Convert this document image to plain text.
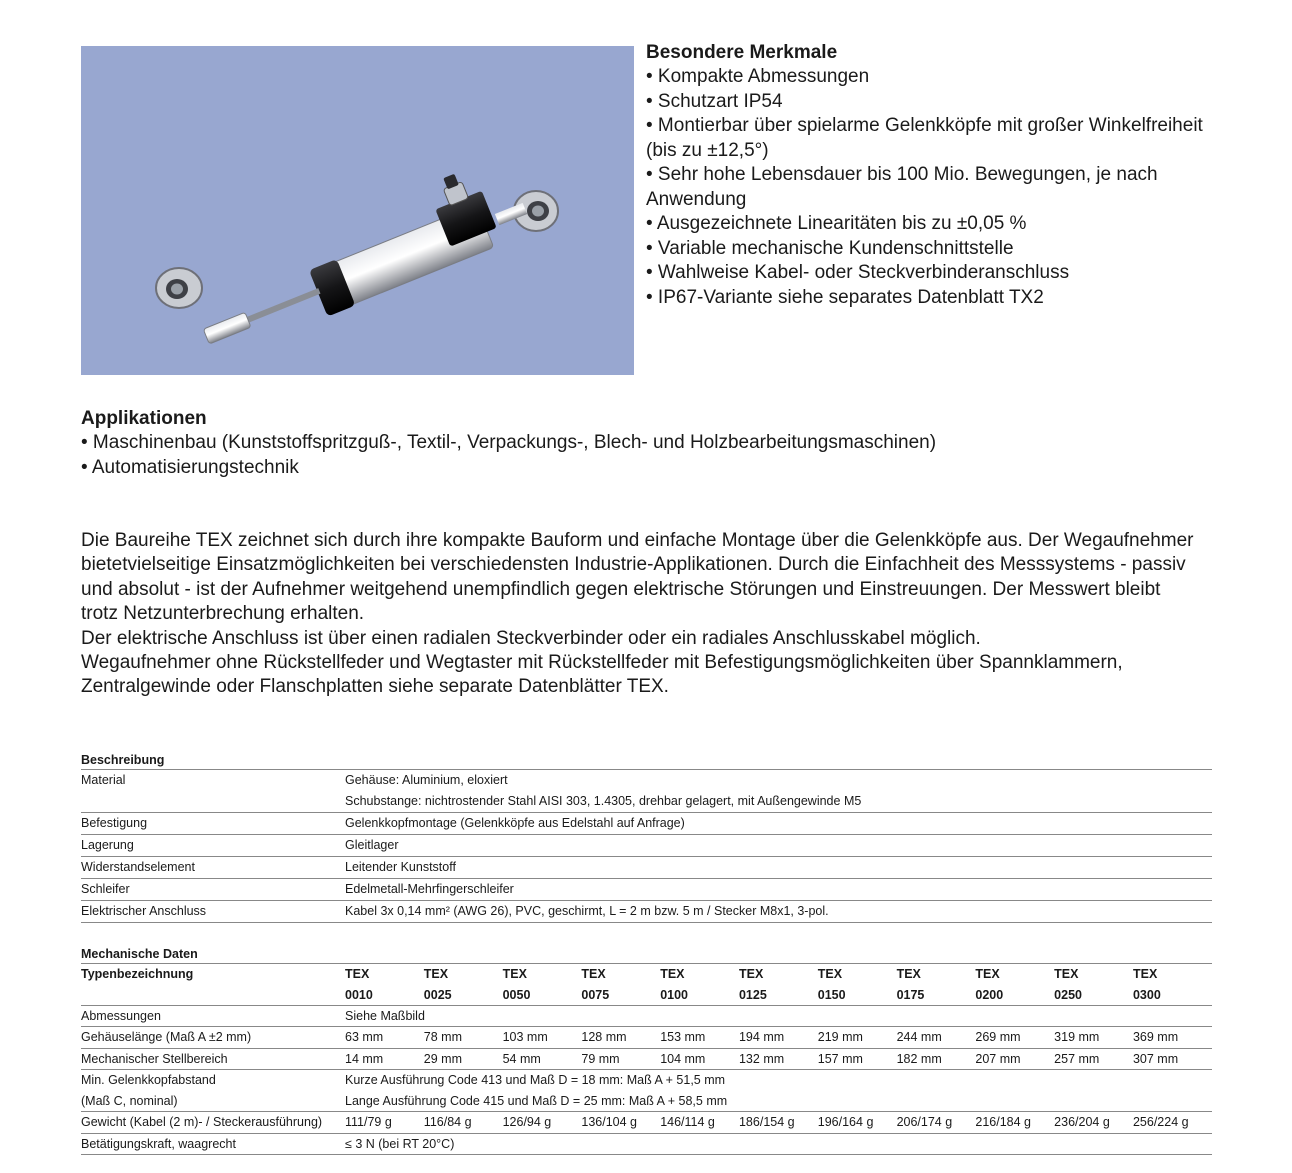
Besondere Merkmale
• Kompakte Abmessungen
• Schutzart IP54
• Montierbar über spielarme Gelenkköpfe mit großer Winkelfreiheit
(bis zu ±12,5°)
• Sehr hohe Lebensdauer bis 100 Mio. Bewegungen, je nach
Anwendung
• Ausgezeichnete Linearitäten bis zu ±0,05 %
• Variable mechanische Kundenschnittstelle
• Wahlweise Kabel- oder Steckverbinderanschluss
• IP67-Variante siehe separates Datenblatt TX2
Applikationen
• Maschinenbau (Kunststoffspritzguß-, Textil-, Verpackungs-, Blech- und Holzbearbeitungsmaschinen)
• Automatisierungstechnik

Die Baureihe TEX zeichnet sich durch ihre kompakte Bauform und einfache Montage über die Gelenkköpfe aus. Der Wegaufnehmer

bietetvielseitige Einsatzmöglichkeiten bei verschiedensten Industrie-Applikationen. Durch die Einfachheit des Messsystems - passiv

und absolut - ist der Aufnehmer weitgehend unempfindlich gegen elektrische Störungen und Einstreuungen. Der Messwert bleibt

trotz Netzunterbrechung erhalten.

Der elektrische Anschluss ist über einen radialen Steckverbinder oder ein radiales Anschlusskabel möglich.

Wegaufnehmer ohne Rückstellfeder und Wegtaster mit Rückstellfeder mit Befestigungsmöglichkeiten über Spannklammern,

Zentralgewinde oder Flanschplatten siehe separate Datenblätter TEX.

Beschreibung
Material	Gehäuse: Aluminium, eloxiert
Schubstange: nichtrostender Stahl AISI 303, 1.4305, drehbar gelagert, mit Außengewinde M5
Befestigung	Gelenkkopfmontage (Gelenkköpfe aus Edelstahl auf Anfrage)
Lagerung	Gleitlager
Widerstandselement	Leitender Kunststoff
Schleifer	Edelmetall-Mehrfingerschleifer
Elektrischer Anschluss	Kabel 3x 0,14 mm² (AWG 26), PVC, geschirmt, L = 2 m bzw. 5 m / Stecker M8x1, 3-pol.
Mechanische Daten
Typenbezeichnung	TEX	TEX	TEX	TEX	TEX	TEX	TEX	TEX	TEX	TEX	TEX
0010	0025	0050	0075	0100	0125	0150	0175	0200	0250	0300
Abmessungen	Siehe Maßbild
Gehäuselänge (Maß A ±2 mm)	63 mm	78 mm	103 mm	128 mm	153 mm	194 mm	219 mm	244 mm	269 mm	319 mm	369 mm
Mechanischer Stellbereich	14 mm	29 mm	54 mm	79 mm	104 mm	132 mm	157 mm	182 mm	207 mm	257 mm	307 mm
Min. Gelenkkopfabstand	Kurze Ausführung Code 413 und Maß D = 18 mm: Maß A + 51,5 mm
(Maß C, nominal)	Lange Ausführung Code 415 und Maß D = 25 mm: Maß A + 58,5 mm
Gewicht (Kabel (2 m)- / Steckerausführung)	111/79 g	116/84 g	126/94 g	136/104 g	146/114 g	186/154 g	196/164 g	206/174 g	216/184 g	236/204 g	256/224 g
Betätigungskraft, waagrecht	≤ 3 N (bei RT 20°C)
